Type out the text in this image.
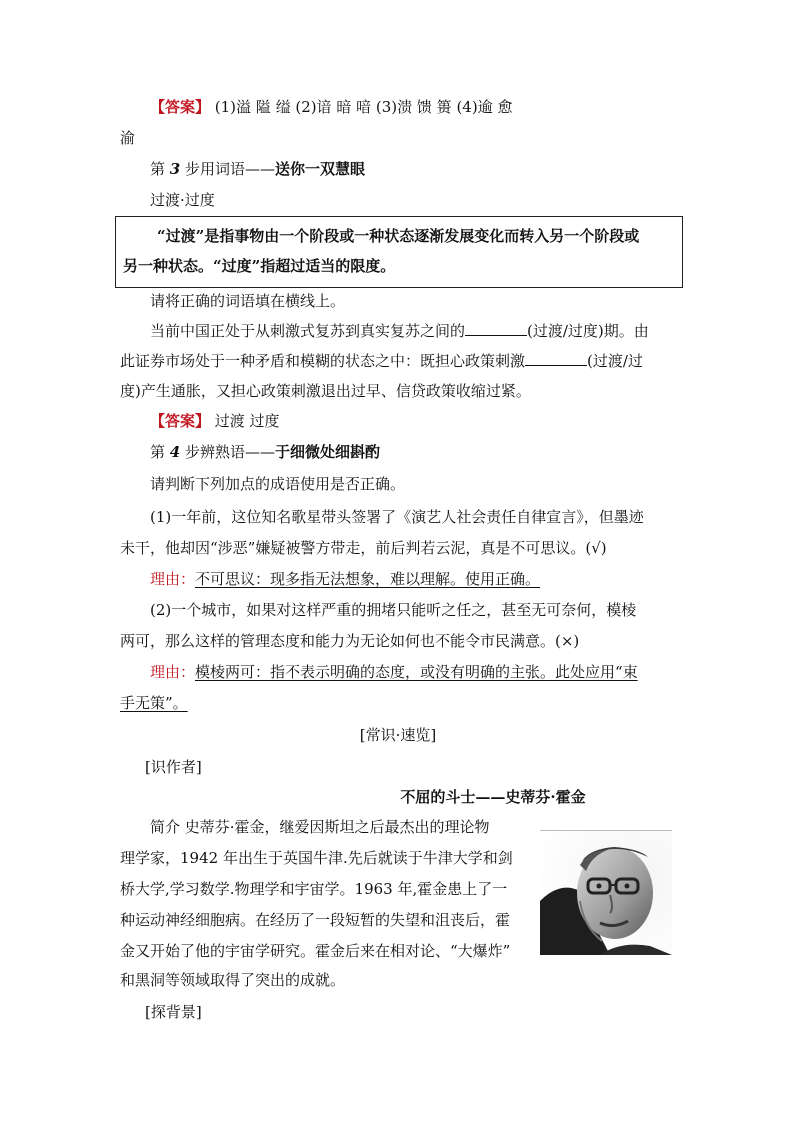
【答案】 (1)溢 隘 缢 (2)谙 暗 喑 (3)溃 馈 篑 (4)逾 愈
渝
第 3 步用词语——送你一双慧眼
过渡·过度
“过渡”是指事物由一个阶段或一种状态逐渐发展变化而转入另一个阶段或
另一种状态。“过度”指超过适当的限度。
请将正确的词语填在横线上。
当前中国正处于从刺激式复苏到真实复苏之间的	(过渡/过度)期。由
此证券市场处于一种矛盾和模糊的状态之中：既担心政策刺激	(过渡/过
度)产生通胀，又担心政策刺激退出过早、信贷政策收缩过紧。
【答案】 过渡 过度
第 4 步辨熟语——于细微处细斟酌
请判断下列加点的成语使用是否正确。
(1)一年前，这位知名歌星带头签署了《演艺人社会责任自律宣言》，但墨迹
未干，他却因“涉恶”嫌疑被警方带走，前后判若云泥，真是不可思议。(√)
理由：不可思议：现多指无法想象，难以理解。使用正确。
(2)一个城市，如果对这样严重的拥堵只能听之任之，甚至无可奈何，模棱
两可，那么这样的管理态度和能力为无论如何也不能令市民满意。(×)
理由：模棱两可：指不表示明确的态度，或没有明确的主张。此处应用“束
手无策”。
[常识·速览]
[识作者]
不屈的斗士——史蒂芬·霍金
简介 史蒂芬·霍金，继爱因斯坦之后最杰出的理论物
理学家，1942 年出生于英国牛津.先后就读于牛津大学和剑
桥大学,学习数学.物理学和宇宙学。1963 年,霍金患上了一
种运动神经细胞病。在经历了一段短暂的失望和沮丧后，霍
金又开始了他的宇宙学研究。霍金后来在相对论、“大爆炸”
和黑洞等领域取得了突出的成就。
[探背景]
